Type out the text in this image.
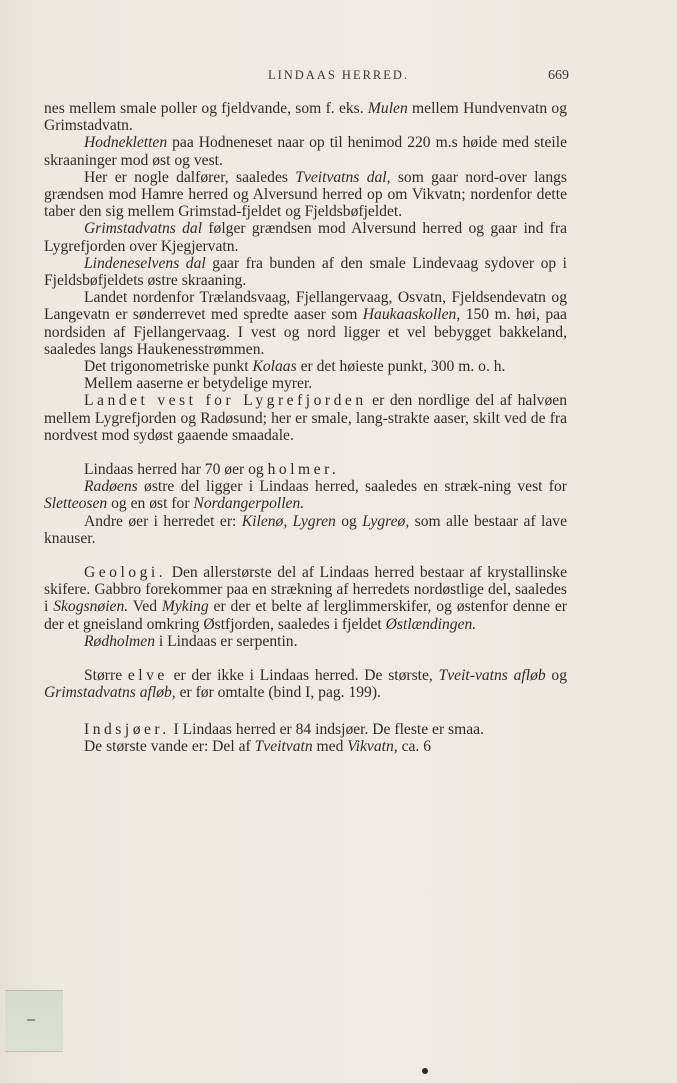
LINDAAS HERRED.	669

nes mellem smale poller og fjeldvande, som f. eks. Mulen mellem Hundvenvatn og Grimstadvatn.

Hodnekletten paa Hodneneset naar op til henimod 220 m.s høide med steile skraaninger mod øst og vest.

Her er nogle dalfører, saaledes Tveitvatns dal, som gaar nord-over langs grændsen mod Hamre herred og Alversund herred op om Vikvatn; nordenfor dette taber den sig mellem Grimstad-fjeldet og Fjeldsbøfjeldet.

Grimstadvatns dal følger grændsen mod Alversund herred og gaar ind fra Lygrefjorden over Kjegjervatn.

Lindeneselvens dal gaar fra bunden af den smale Lindevaag sydover op i Fjeldsbøfjeldets østre skraaning.

Landet nordenfor Trælandsvaag, Fjellangervaag, Osvatn, Fjeldsendevatn og Langevatn er sønderrevet med spredte aaser som Haukaaskollen, 150 m. høi, paa nordsiden af Fjellangervaag. I vest og nord ligger et vel bebygget bakkeland, saaledes langs Haukenesstrømmen.

Det trigonometriske punkt Kolaas er det høieste punkt, 300 m. o. h.

Mellem aaserne er betydelige myrer.

Landet vest for Lygrefjorden er den nordlige del af halvøen mellem Lygrefjorden og Radøsund; her er smale, lang-strakte aaser, skilt ved de fra nordvest mod sydøst gaaende smaadale.

Lindaas herred har 70 øer og holmer.

Radøens østre del ligger i Lindaas herred, saaledes en stræk-ning vest for Sletteosen og en øst for Nordangerpollen.

Andre øer i herredet er: Kilenø, Lygren og Lygreø, som alle bestaar af lave knauser.

Geologi. Den allerstørste del af Lindaas herred bestaar af krystallinske skifere. Gabbro forekommer paa en strækning af herredets nordøstlige del, saaledes i Skogsnøien. Ved Myking er der et belte af lerglimmerskifer, og østenfor denne er der et gneisland omkring Østfjorden, saaledes i fjeldet Østlændingen.

Rødholmen i Lindaas er serpentin.

Større elve er der ikke i Lindaas herred. De største, Tveit-vatns afløb og Grimstadvatns afløb, er før omtalte (bind I, pag. 199).

Indsjøer. I Lindaas herred er 84 indsjøer. De fleste er smaa.

De største vande er: Del af Tveitvatn med Vikvatn, ca. 6
